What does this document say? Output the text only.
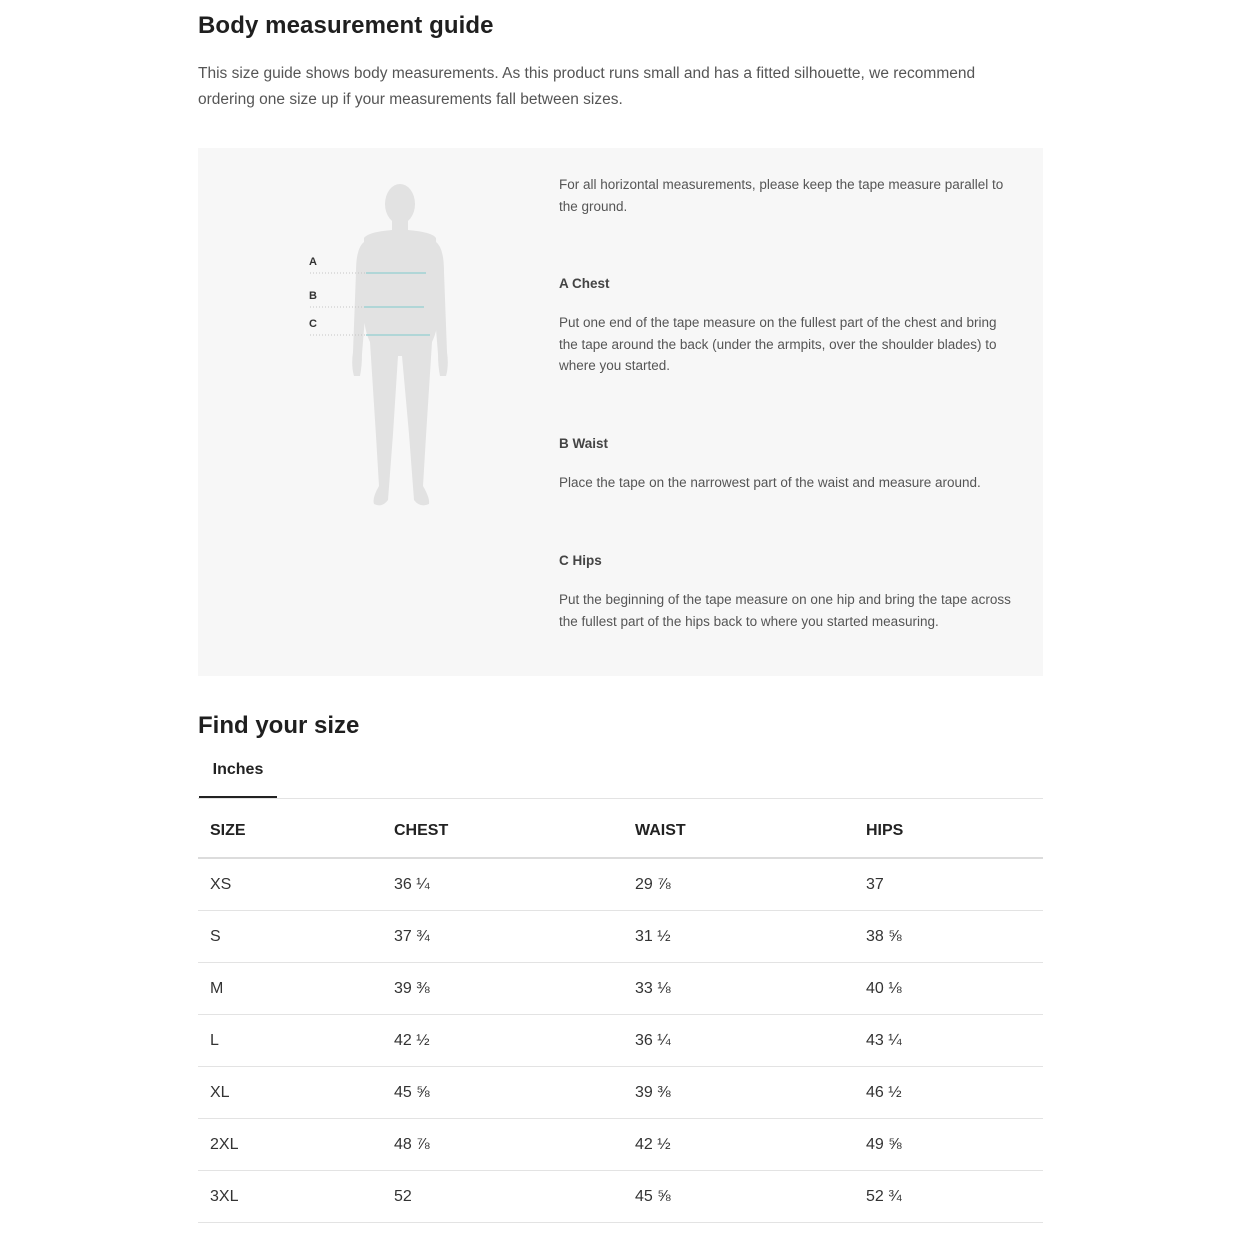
Body measurement guide

This size guide shows body measurements. As this product runs small and has a fitted silhouette, we recommend ordering one size up if your measurements fall between sizes.

A
B
C

For all horizontal measurements, please keep the tape measure parallel to the ground.

A Chest

Put one end of the tape measure on the fullest part of the chest and bring the tape around the back (under the armpits, over the shoulder blades) to where you started.

B Waist

Place the tape on the narrowest part of the waist and measure around.

C Hips

Put the beginning of the tape measure on one hip and bring the tape across the fullest part of the hips back to where you started measuring.

Find your size
Inches
SIZE	CHEST	WAIST	HIPS
XS	36 ¼	29 ⅞	37
S	37 ¾	31 ½	38 ⅝
M	39 ⅜	33 ⅛	40 ⅛
L	42 ½	36 ¼	43 ¼
XL	45 ⅝	39 ⅜	46 ½
2XL	48 ⅞	42 ½	49 ⅝
3XL	52	45 ⅝	52 ¾
